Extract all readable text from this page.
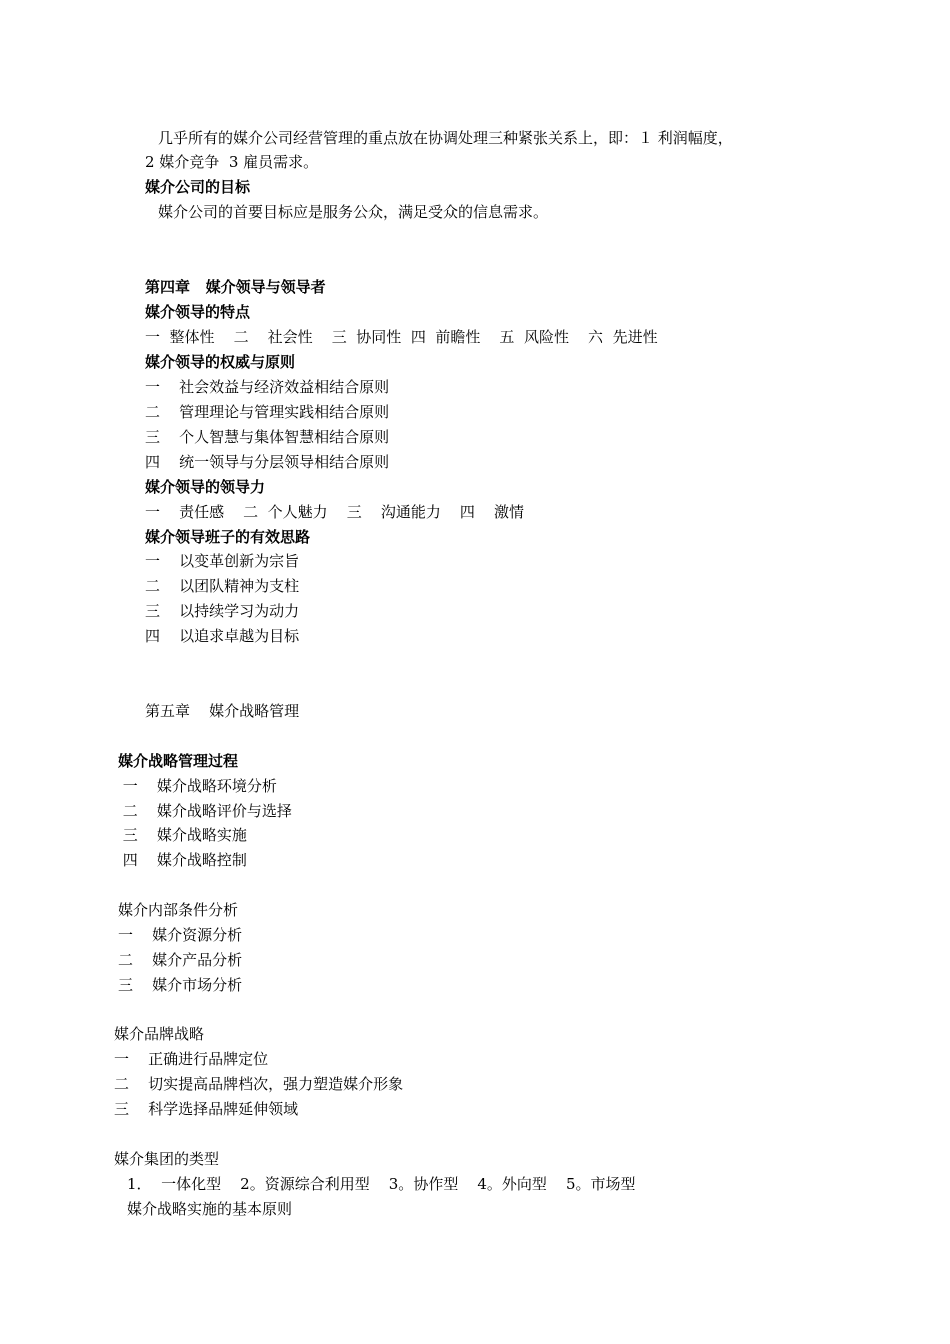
几乎所有的媒介公司经营管理的重点放在协调处理三种紧张关系上，即：１ 利润幅度，
2 媒介竞争  3 雇员需求。
媒介公司的目标
媒介公司的首要目标应是服务公众，满足受众的信息需求。
第四章   媒介领导与领导者
媒介领导的特点
一  整体性    二    社会性    三  协同性  四  前瞻性    五  风险性    六  先进性
媒介领导的权威与原则
一    社会效益与经济效益相结合原则
二    管理理论与管理实践相结合原则
三    个人智慧与集体智慧相结合原则
四    统一领导与分层领导相结合原则
媒介领导的领导力
一    责任感    二  个人魅力    三    沟通能力    四    激情
媒介领导班子的有效思路
一    以变革创新为宗旨
二    以团队精神为支柱
三    以持续学习为动力
四    以追求卓越为目标
第五章    媒介战略管理
媒介战略管理过程
一    媒介战略环境分析
二    媒介战略评价与选择
三    媒介战略实施
四    媒介战略控制
媒介内部条件分析
一    媒介资源分析
二    媒介产品分析
三    媒介市场分析
媒介品牌战略
一    正确进行品牌定位
二    切实提高品牌档次，强力塑造媒介形象
三    科学选择品牌延伸领域
媒介集团的类型
1．  一体化型    2。资源综合利用型    3。协作型    4。外向型    5。市场型
媒介战略实施的基本原则
